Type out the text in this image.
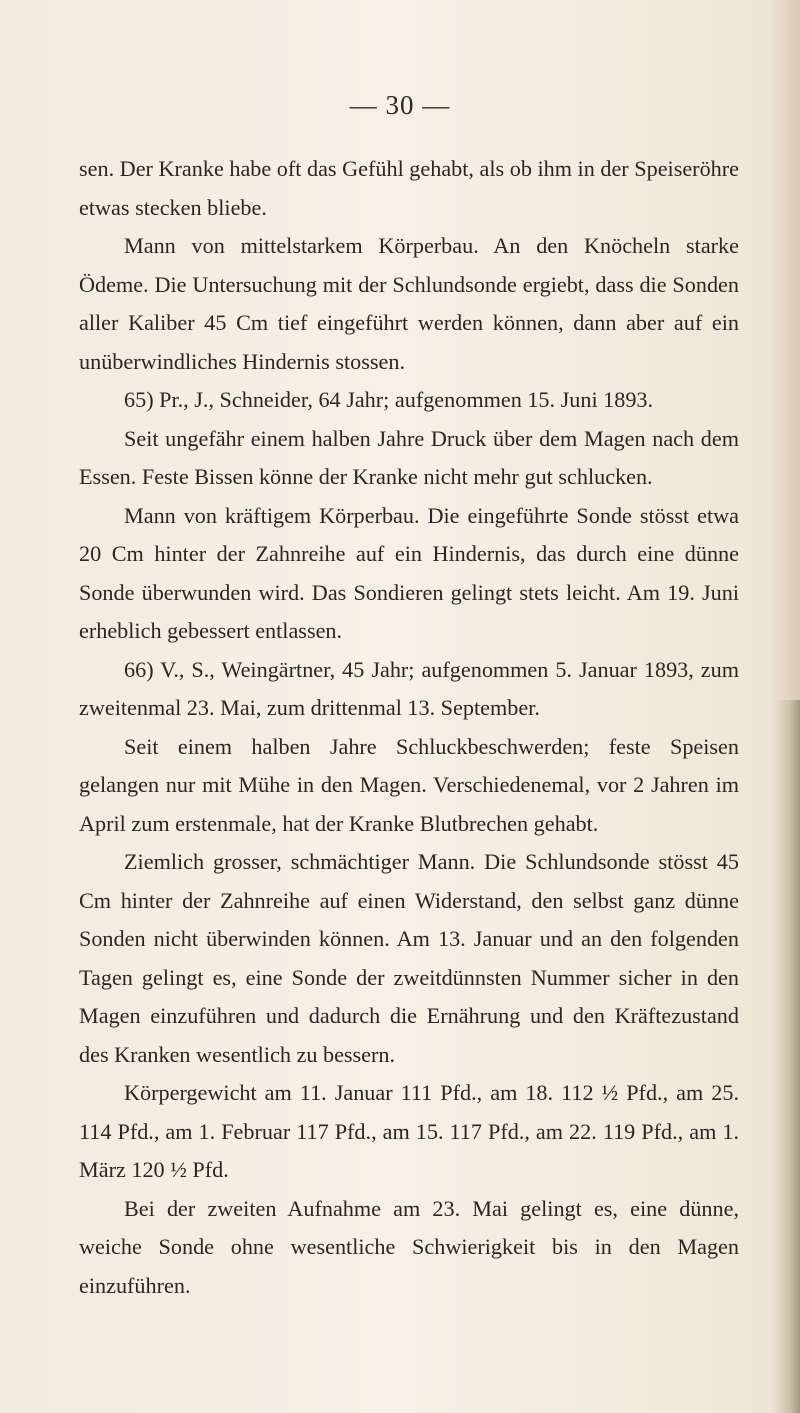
— 30 —

sen. Der Kranke habe oft das Gefühl gehabt, als ob ihm in der Speiseröhre etwas stecken bliebe.

Mann von mittelstarkem Körperbau. An den Knöcheln starke Ödeme. Die Untersuchung mit der Schlundsonde ergiebt, dass die Sonden aller Kaliber 45 Cm tief eingeführt werden können, dann aber auf ein unüberwindliches Hindernis stossen.

65) Pr., J., Schneider, 64 Jahr; aufgenommen 15. Juni 1893.

Seit ungefähr einem halben Jahre Druck über dem Magen nach dem Essen. Feste Bissen könne der Kranke nicht mehr gut schlucken.

Mann von kräftigem Körperbau. Die eingeführte Sonde stösst etwa 20 Cm hinter der Zahnreihe auf ein Hindernis, das durch eine dünne Sonde überwunden wird. Das Sondieren gelingt stets leicht. Am 19. Juni erheblich gebessert entlassen.

66) V., S., Weingärtner, 45 Jahr; aufgenommen 5. Januar 1893, zum zweitenmal 23. Mai, zum drittenmal 13. September.

Seit einem halben Jahre Schluckbeschwerden; feste Speisen gelangen nur mit Mühe in den Magen. Verschiedenemal, vor 2 Jahren im April zum erstenmale, hat der Kranke Blutbrechen gehabt.

Ziemlich grosser, schmächtiger Mann. Die Schlundsonde stösst 45 Cm hinter der Zahnreihe auf einen Widerstand, den selbst ganz dünne Sonden nicht überwinden können. Am 13. Januar und an den folgenden Tagen gelingt es, eine Sonde der zweitdünnsten Nummer sicher in den Magen einzuführen und dadurch die Ernährung und den Kräftezustand des Kranken wesentlich zu bessern.

Körpergewicht am 11. Januar 111 Pfd., am 18. 112 ½ Pfd., am 25. 114 Pfd., am 1. Februar 117 Pfd., am 15. 117 Pfd., am 22. 119 Pfd., am 1. März 120 ½ Pfd.

Bei der zweiten Aufnahme am 23. Mai gelingt es, eine dünne, weiche Sonde ohne wesentliche Schwierigkeit bis in den Magen einzuführen.
